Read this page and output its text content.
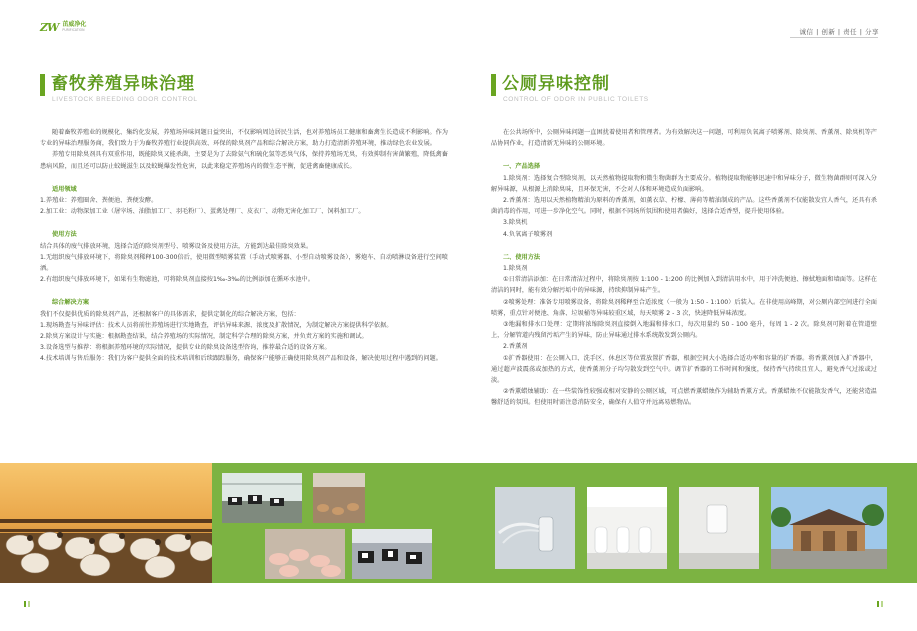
ZW 茁威净化
PURIFICATION	诚信 | 创新 | 责任 | 分享
畜牧养殖异味治理
LIVESTOCK BREEDING ODOR CONTROL

随着畜牧养殖业的规模化、集约化发展，养殖场异味问题日益突出，不仅影响周边居民生活，也对养殖场员工健康和畜禽生长造成不利影响。作为专业的异味治理服务商，我们致力于为畜牧养殖行业提供高效、环保的除臭剂产品和综合解决方案，助力打造清新养殖环境，推动绿色农业发展。

养殖专用除臭剂具有双重作用，既能除臭又能杀菌，主要是为了去除氨气和硫化氢等恶臭气体，保持养殖场无臭，有效抑制有害菌繁殖，降低禽畜患病风险，而且还可以防止蚊蝇滋生以及蚊蝇爆发性危害，以此来稳定养殖场内的微生态平衡，促进禽畜健康成长。

适用领域

1.养殖业：养殖圈舍、粪便池、粪便发酵。

2.加工业：动物深加工业（屠宰场、油脂加工厂、羽毛粉厂）、蛋禽处理厂、皮衣厂、动物无害化加工厂、饲料加工厂。

使用方法

结合具体的废气排放环境，选择合适的除臭剂型号、喷雾设备及使用方法，方能到达最佳除臭效果。

1.无组织废气排放环境下，将除臭剂稀释100-300倍后，使用微型喷雾装置（手动式喷雾器、小型自动喷雾设备），雾炮车、自动喷淋设备进行空间喷洒。

2.有组织废气排放环境下，如果有生物滤池，可将除臭剂直接按1‰-3‰的比例添加在循环水池中。

综合解决方案

我们不仅提供优质的除臭剂产品，还根据客户的具体需求，提供定制化的综合解决方案，包括：

1.现场勘查与异味评估：技术人员将前往养殖场进行实地勘查，评估异味来源、浓度及扩散情况，为制定解决方案提供科学依据。

2.除臭方案设计与实施：根据勘查结果，结合养殖场的实际情况，制定科学合理的除臭方案，并负责方案的实施和调试。

3.设备选型与推荐：将根据养殖环境的实际情况，提供专业的除臭设备选型咨询，推荐最合适的设备方案。

4.技术培训与售后服务：我们为客户提供全面的技术培训和后续跟踪服务，确保客户能够正确使用除臭剂产品和设备，解决使用过程中遇到的问题。

公厕异味控制
CONTROL OF ODOR IN PUBLIC TOILETS

在公共场所中，公厕异味问题一直困扰着使用者和管理者。为有效解决这一问题，可利用负氧离子喷雾剂、除臭剂、香薰剂、除臭机等产品协同作业，打造清新无异味的公厕环境。

一、产品选择

1.除臭剂：选择复合型除臭剂，以天然植物提取物和微生物菌群为主要成分。植物提取物能够迅速中和异味分子，微生物菌群则可深入分解异味源，从根源上消除臭味，且环保无害，不会对人体和环境造成负面影响。

2.香薰剂：选用以天然植物精油为原料的香薰剂，如薰衣草、柠檬、薄荷等精油制成的产品。这些香薰剂不仅能散发宜人香气，还具有杀菌消毒的作用，可进一步净化空气。同时，根据不同场所氛围和使用者偏好，选择合适香型，提升使用体验。

3.除臭机

4.负氧离子喷雾剂

二、使用方法

1.除臭剂

①日常清洁添加：在日常清洁过程中，将除臭剂按 1:100 - 1:200 的比例加入到清洁用水中，用于冲洗便池、擦拭地面和墙面等。这样在清洁的同时，能有效分解污垢中的异味源，持续抑制异味产生。

②喷雾处理：准备专用喷雾设备，将除臭剂稀释至合适浓度（一般为 1:50 - 1:100）后装入。在非使用高峰期，对公厕内部空间进行全面喷雾，重点针对便池、角落、垃圾桶等异味较重区域，每天喷雾 2 - 3 次，快速降低异味浓度。

③地漏和排水口处理：定期将浓缩除臭剂直接倒入地漏和排水口，每次用量约 50 - 100 毫升，每周 1 - 2 次。除臭剂可附着在管道壁上，分解管道内残留污垢产生的异味，防止异味通过排水系统散发到公厕内。

2.香薰剂

①扩香器使用：在公厕入口、洗手区、休息区等位置放置扩香器，根据空间大小选择合适功率和容量的扩香器。将香薰剂加入扩香器中，通过超声波震荡或加热的方式，使香薰剂分子均匀散发到空气中。调节扩香器的工作时间和强度，保持香气持续且宜人，避免香气过浓或过淡。

②香薰蜡烛辅助：在一些装饰性较强或相对安静的公厕区域，可点燃香薰蜡烛作为辅助香薰方式。香薰蜡烛不仅能散发香气，还能营造温馨舒适的氛围。但使用时需注意消防安全，确保有人值守并远离易燃物品。
